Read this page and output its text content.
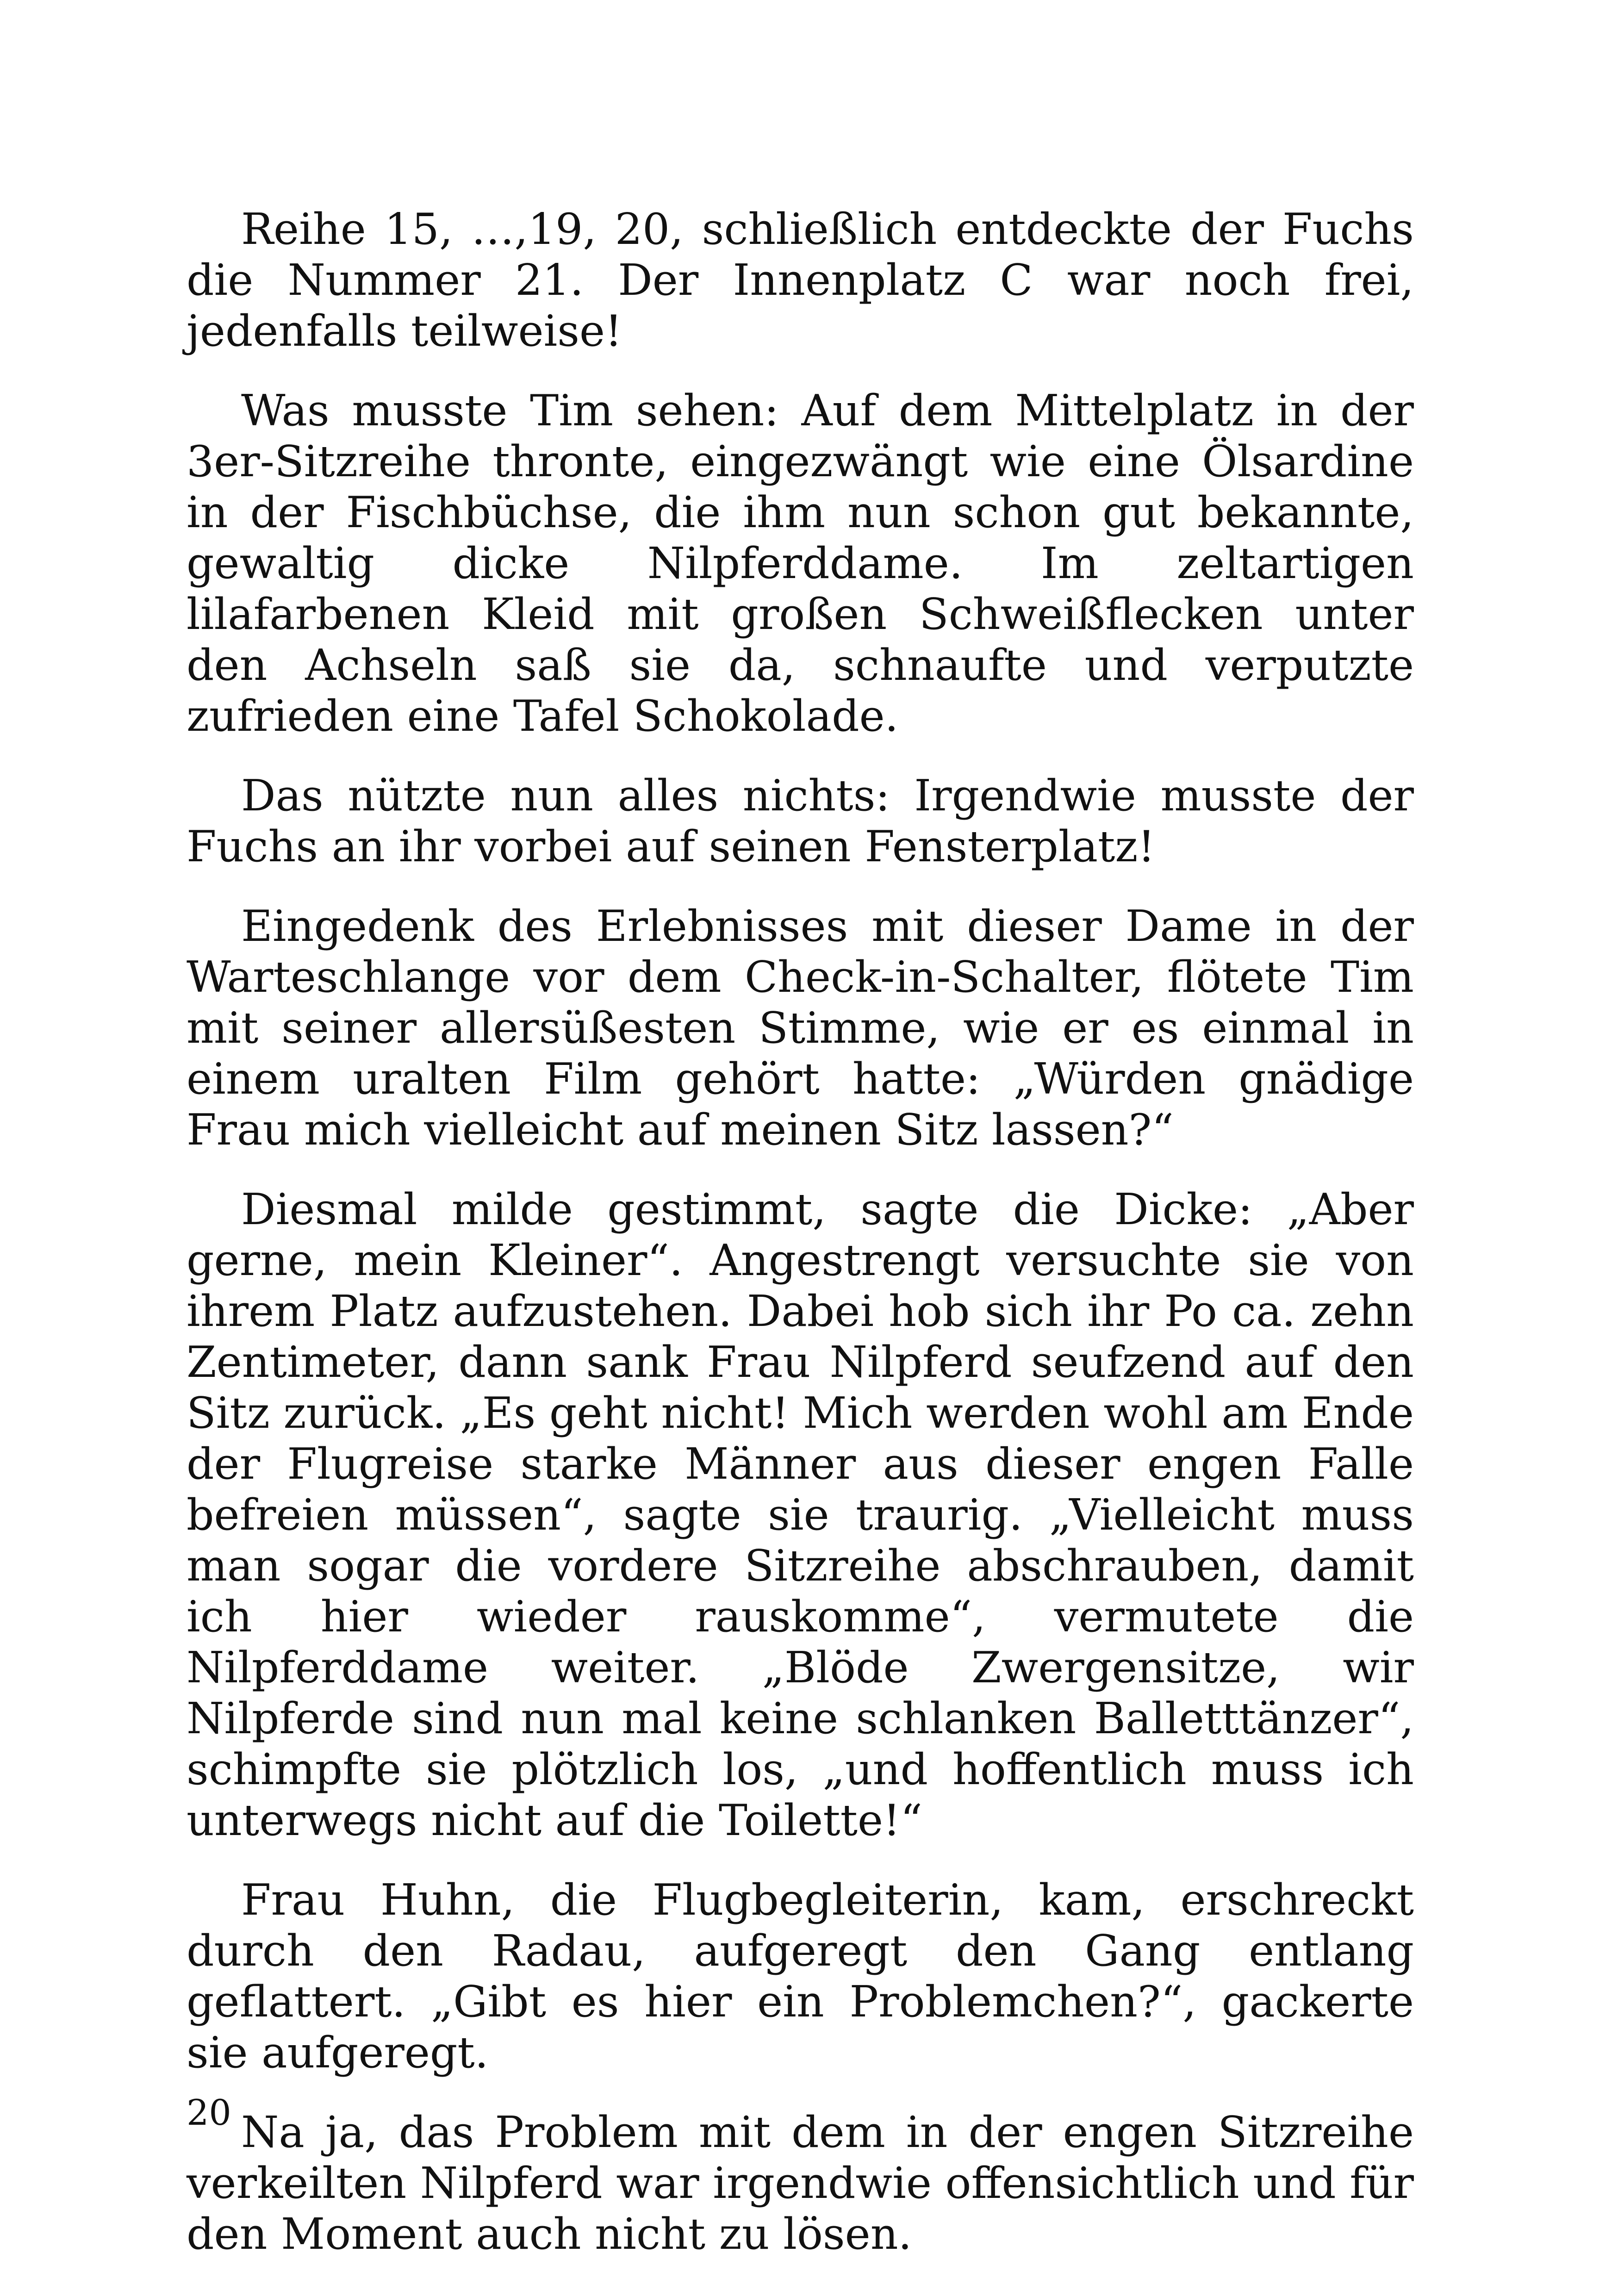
Reihe 15, …,19, 20, schließlich entdeckte der Fuchs die Nummer 21. Der Innenplatz C war noch frei, jedenfalls teilweise!

Was musste Tim sehen: Auf dem Mittelplatz in der 3er-Sitzreihe thronte, eingezwängt wie eine Ölsardine in der Fischbüchse, die ihm nun schon gut bekannte, gewaltig dicke Nilpferddame. Im zeltartigen lilafarbenen Kleid mit großen Schweißflecken unter den Achseln saß sie da, schnaufte und verputzte zufrieden eine Tafel Schokolade.

Das nützte nun alles nichts: Irgendwie musste der Fuchs an ihr vorbei auf seinen Fensterplatz!

Eingedenk des Erlebnisses mit dieser Dame in der Warteschlange vor dem Check-in-Schalter, flötete Tim mit seiner allersüßesten Stimme, wie er es einmal in einem uralten Film gehört hatte: „Würden gnädige Frau mich vielleicht auf meinen Sitz lassen?“

Diesmal milde gestimmt, sagte die Dicke: „Aber gerne, mein Kleiner“. Angestrengt versuchte sie von ihrem Platz aufzustehen. Dabei hob sich ihr Po ca. zehn Zentimeter, dann sank Frau Nilpferd seufzend auf den Sitz zurück. „Es geht nicht! Mich werden wohl am Ende der Flugreise starke Männer aus dieser engen Falle befreien müssen“, sagte sie traurig. „Vielleicht muss man sogar die vordere Sitzreihe abschrauben, damit ich hier wieder rauskomme“, vermutete die Nilpferddame weiter. „Blöde Zwergensitze, wir Nilpferde sind nun mal keine schlanken Balletttänzer“, schimpfte sie plötzlich los, „und hoffentlich muss ich unterwegs nicht auf die Toilette!“

Frau Huhn, die Flugbegleiterin, kam, erschreckt durch den Radau, aufgeregt den Gang entlang geflattert. „Gibt es hier ein Problemchen?“, gackerte sie aufgeregt.

Na ja, das Problem mit dem in der engen Sitzreihe verkeilten Nilpferd war irgendwie offensichtlich und für den Moment auch nicht zu lösen.

20
